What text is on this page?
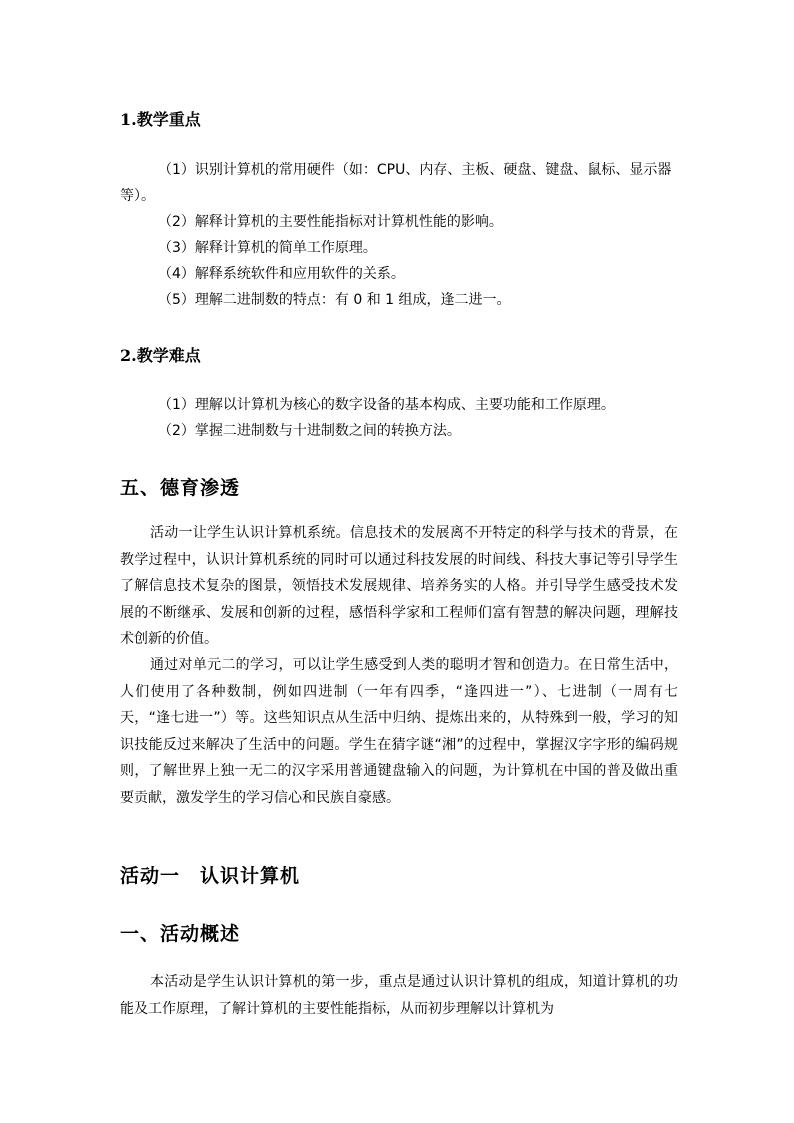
1.教学重点
（1）识别计算机的常用硬件（如：CPU、内存、主板、硬盘、键盘、鼠标、显示器等）。
（2）解释计算机的主要性能指标对计算机性能的影响。
（3）解释计算机的简单工作原理。
（4）解释系统软件和应用软件的关系。
（5）理解二进制数的特点：有 0 和 1 组成，逢二进一。
2.教学难点
（1）理解以计算机为核心的数字设备的基本构成、主要功能和工作原理。
（2）掌握二进制数与十进制数之间的转换方法。
五、德育渗透
活动一让学生认识计算机系统。信息技术的发展离不开特定的科学与技术的背景，在教学过程中，认识计算机系统的同时可以通过科技发展的时间线、科技大事记等引导学生了解信息技术复杂的图景，领悟技术发展规律、培养务实的人格。并引导学生感受技术发展的不断继承、发展和创新的过程，感悟科学家和工程师们富有智慧的解决问题，理解技术创新的价值。
通过对单元二的学习，可以让学生感受到人类的聪明才智和创造力。在日常生活中，人们使用了各种数制，例如四进制（一年有四季，“逢四进一”）、七进制（一周有七天，“逢七进一”）等。这些知识点从生活中归纳、提炼出来的，从特殊到一般，学习的知识技能反过来解决了生活中的问题。学生在猜字谜“湘”的过程中，掌握汉字字形的编码规则，了解世界上独一无二的汉字采用普通键盘输入的问题，为计算机在中国的普及做出重要贡献，激发学生的学习信心和民族自豪感。
活动一　认识计算机
一、活动概述
本活动是学生认识计算机的第一步，重点是通过认识计算机的组成，知道计算机的功能及工作原理，了解计算机的主要性能指标，从而初步理解以计算机为
